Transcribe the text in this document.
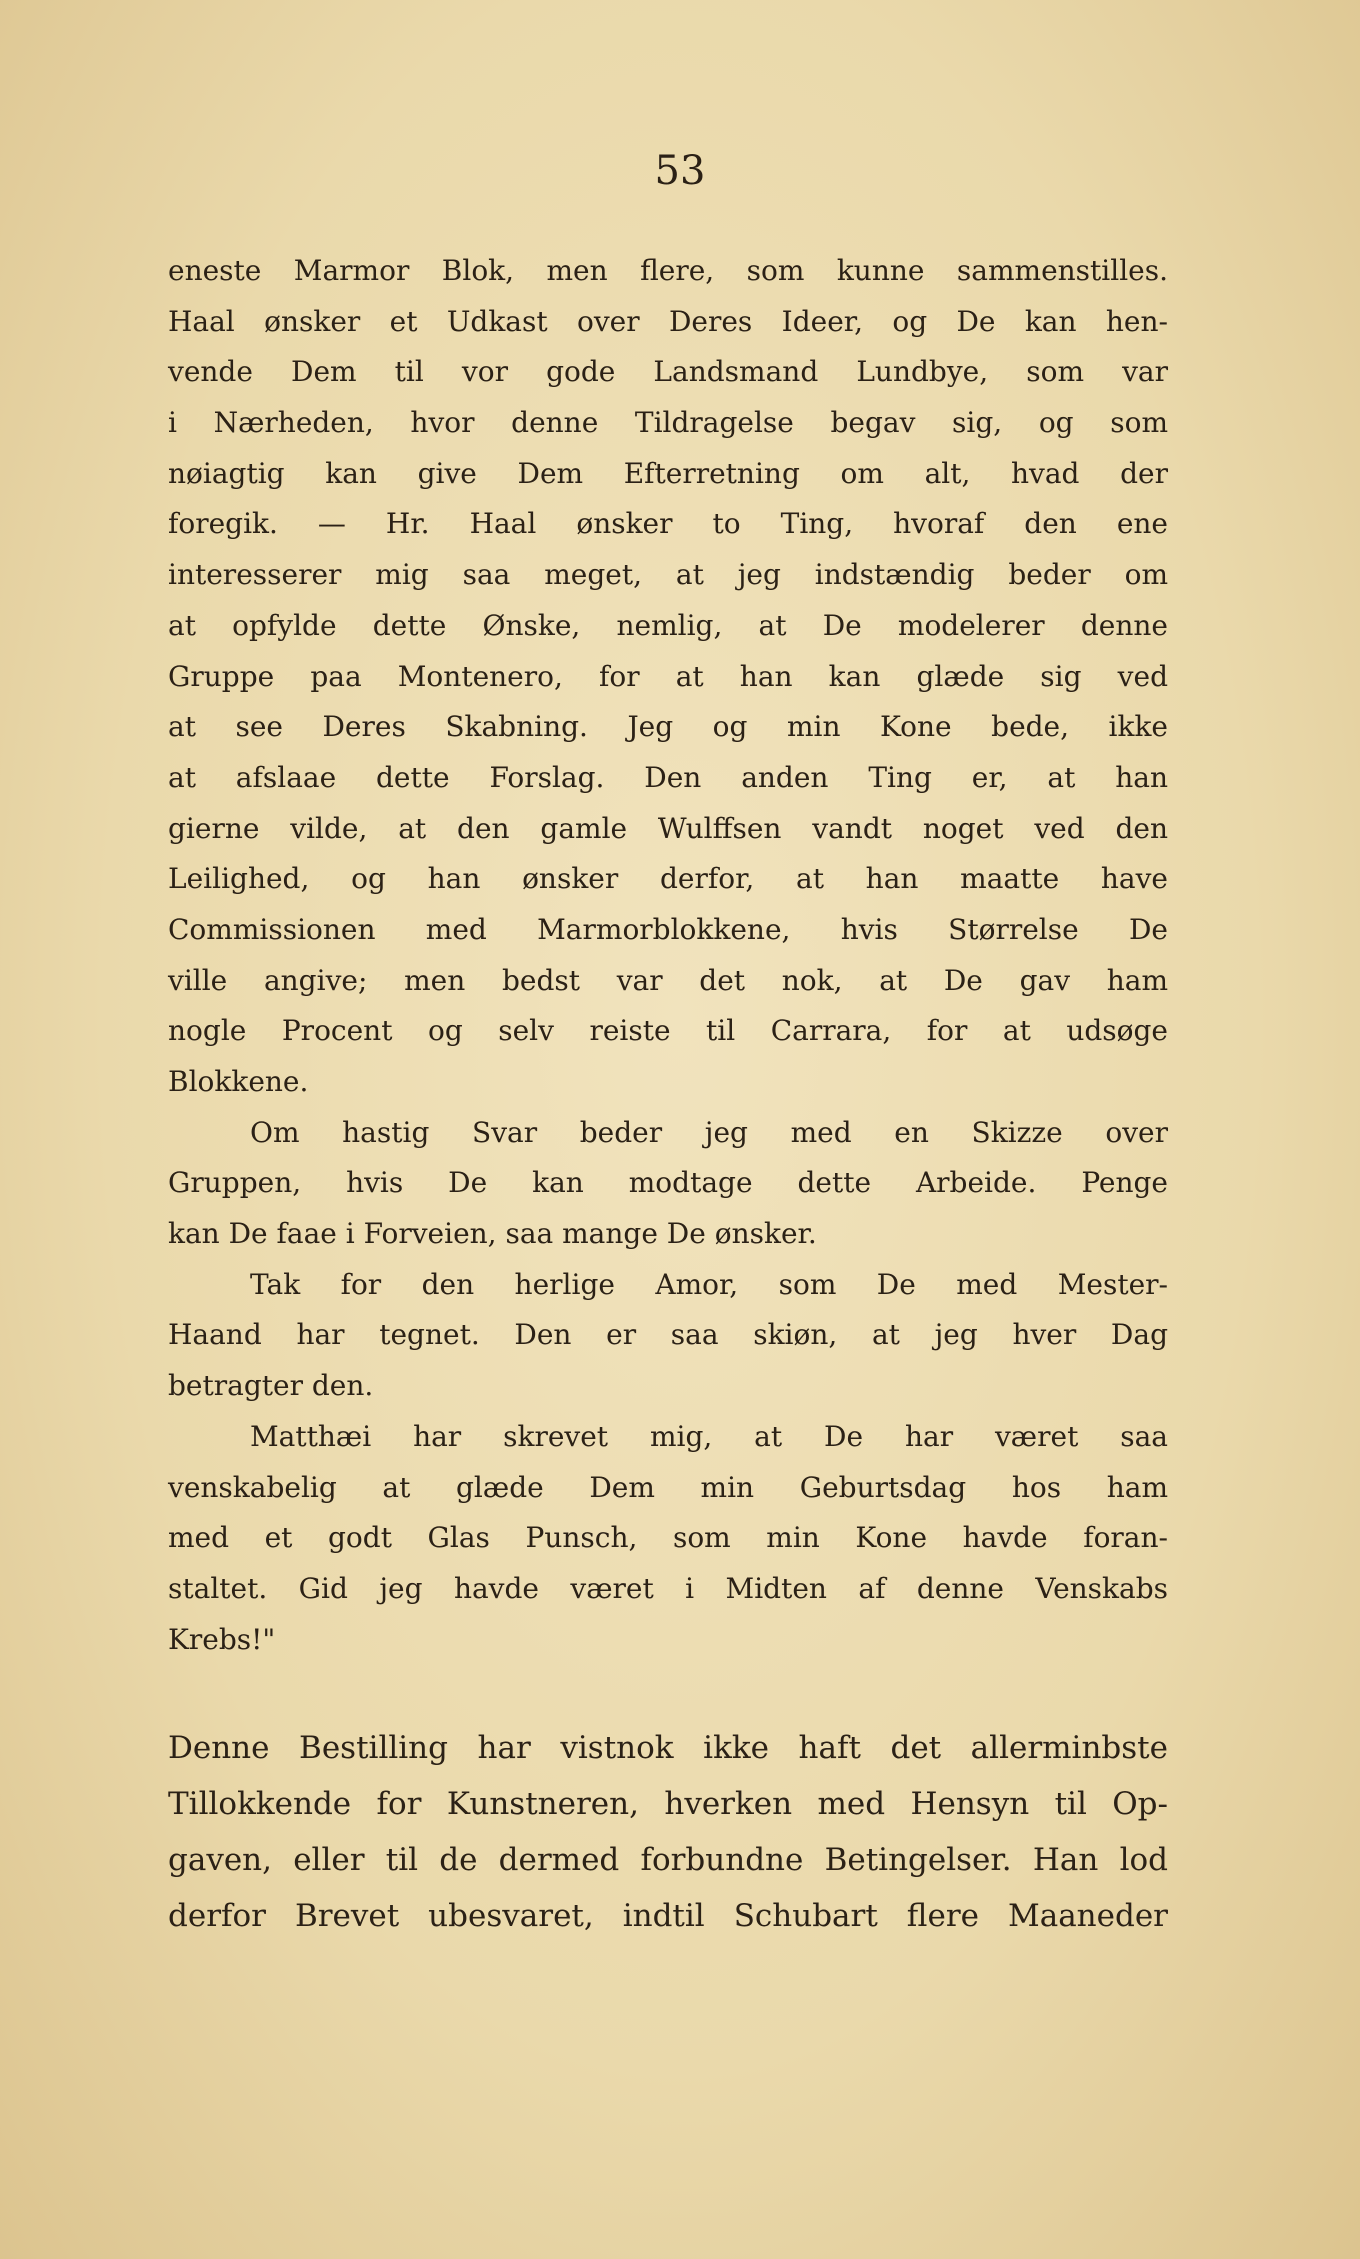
53
eneste Marmor Blok, men flere, som kunne sammenstilles.
Haal ønsker et Udkast over Deres Ideer, og De kan hen-
vende Dem til vor gode Landsmand Lundbye, som var
i Nærheden, hvor denne Tildragelse begav sig, og som
nøiagtig kan give Dem Efterretning om alt, hvad der
foregik. — Hr. Haal ønsker to Ting, hvoraf den ene
interesserer mig saa meget, at jeg indstændig beder om
at opfylde dette Ønske, nemlig, at De modelerer denne
Gruppe paa Montenero, for at han kan glæde sig ved
at see Deres Skabning. Jeg og min Kone bede, ikke
at afslaae dette Forslag. Den anden Ting er, at han
gierne vilde, at den gamle Wulffsen vandt noget ved den
Leilighed, og han ønsker derfor, at han maatte have
Commissionen med Marmorblokkene, hvis Størrelse De
ville angive; men bedst var det nok, at De gav ham
nogle Procent og selv reiste til Carrara, for at udsøge
Blokkene.
Om hastig Svar beder jeg med en Skizze over
Gruppen, hvis De kan modtage dette Arbeide. Penge
kan De faae i Forveien, saa mange De ønsker.
Tak for den herlige Amor, som De med Mester-
Haand har tegnet. Den er saa skiøn, at jeg hver Dag
betragter den.
Matthæi har skrevet mig, at De har været saa
venskabelig at glæde Dem min Geburtsdag hos ham
med et godt Glas Punsch, som min Kone havde foran-
staltet. Gid jeg havde været i Midten af denne Venskabs
Krebs!"
Denne Bestilling har vistnok ikke haft det allerminbste
Tillokkende for Kunstneren, hverken med Hensyn til Op-
gaven, eller til de dermed forbundne Betingelser. Han lod
derfor Brevet ubesvaret, indtil Schubart flere Maaneder
